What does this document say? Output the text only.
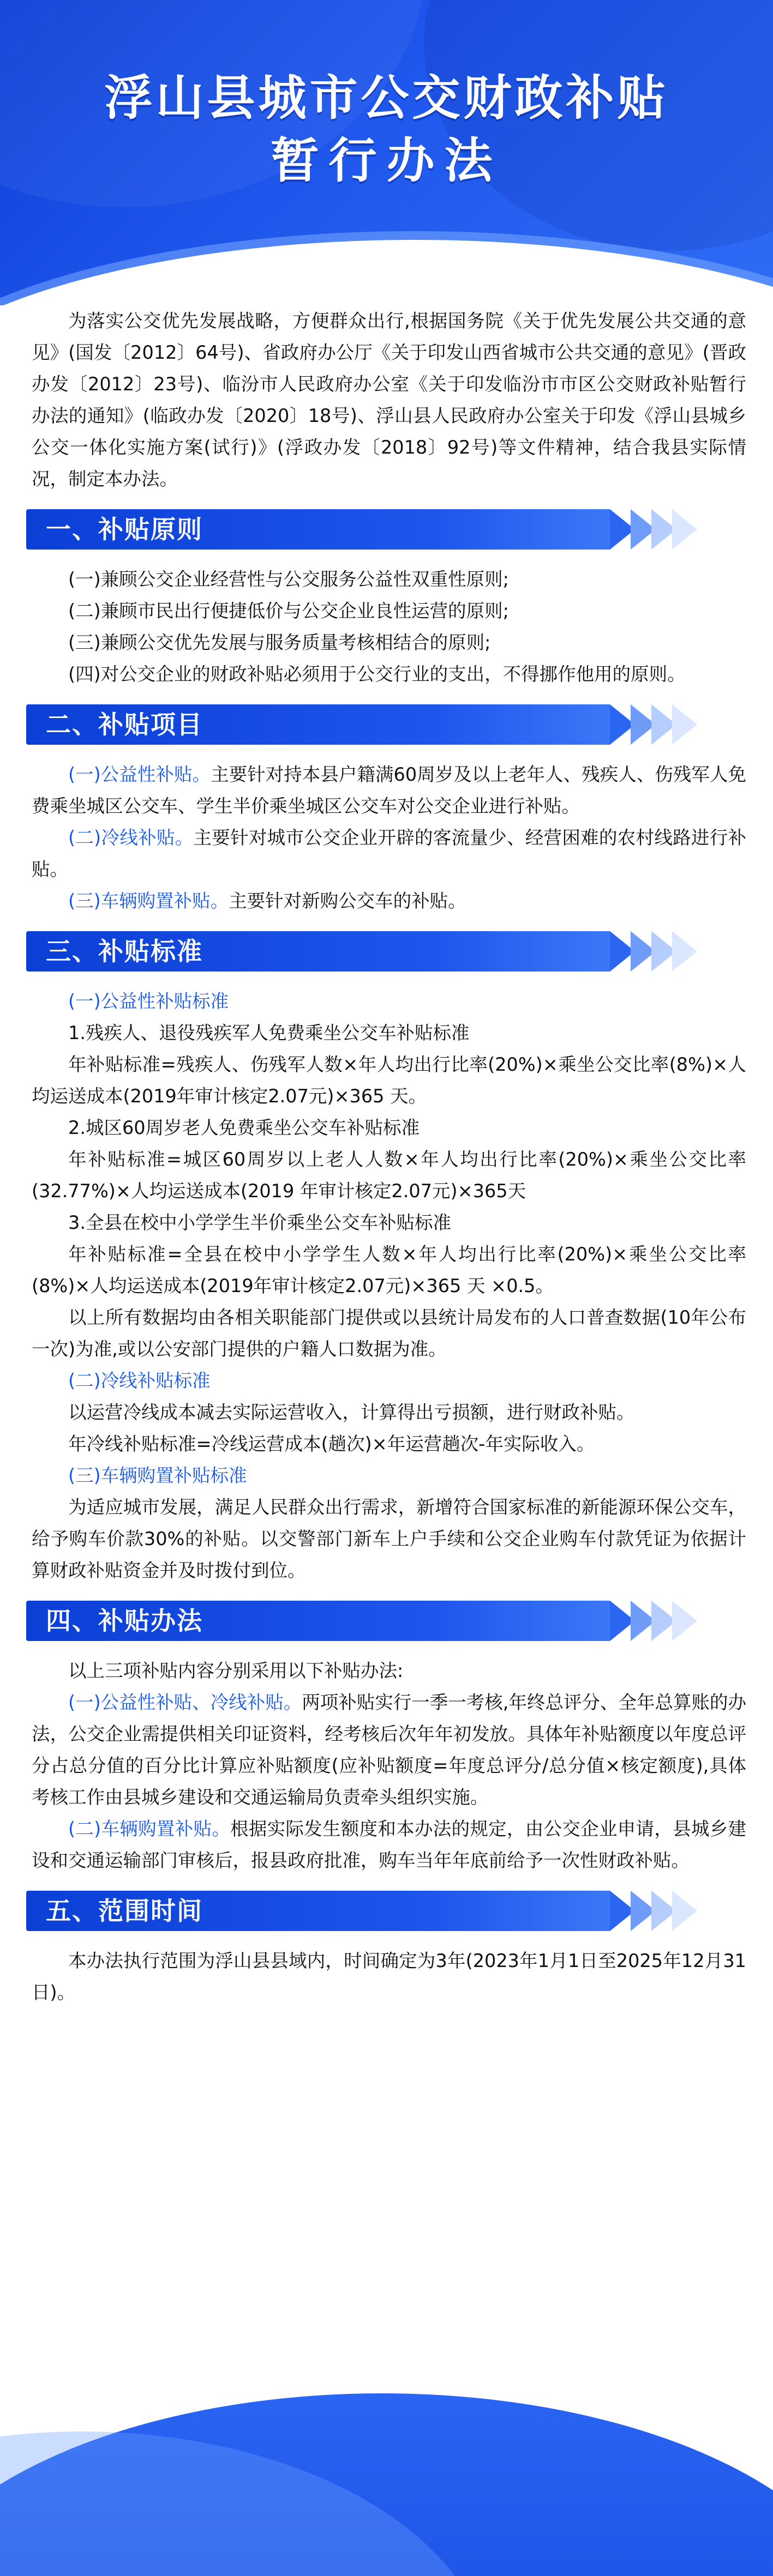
浮山县城市公交财政补贴
暂行办法

为落实公交优先发展战略，方便群众出行,根据国务院《关于优先发展公共交通的意见》(国发〔2012〕64号)、省政府办公厅《关于印发山西省城市公共交通的意见》(晋政办发〔2012〕23号)、临汾市人民政府办公室《关于印发临汾市市区公交财政补贴暂行办法的通知》(临政办发〔2020〕18号)、浮山县人民政府办公室关于印发《浮山县城乡公交一体化实施方案(试行)》(浮政办发〔2018〕92号)等文件精神，结合我县实际情况，制定本办法。

一、补贴原则

(一)兼顾公交企业经营性与公交服务公益性双重性原则;

(二)兼顾市民出行便捷低价与公交企业良性运营的原则;

(三)兼顾公交优先发展与服务质量考核相结合的原则;

(四)对公交企业的财政补贴必须用于公交行业的支出，不得挪作他用的原则。

二、补贴项目

(一)公益性补贴。主要针对持本县户籍满60周岁及以上老年人、残疾人、伤残军人免费乘坐城区公交车、学生半价乘坐城区公交车对公交企业进行补贴。

(二)冷线补贴。主要针对城市公交企业开辟的客流量少、经营困难的农村线路进行补贴。

(三)车辆购置补贴。主要针对新购公交车的补贴。

三、补贴标准

(一)公益性补贴标准

1.残疾人、退役残疾军人免费乘坐公交车补贴标准

年补贴标准=残疾人、伤残军人数×年人均出行比率(20%)×乘坐公交比率(8%)×人均运送成本(2019年审计核定2.07元)×365 天。

2.城区60周岁老人免费乘坐公交车补贴标准

年补贴标准=城区60周岁以上老人人数×年人均出行比率(20%)×乘坐公交比率(32.77%)×人均运送成本(2019 年审计核定2.07元)×365天

3.全县在校中小学学生半价乘坐公交车补贴标准

年补贴标准=全县在校中小学学生人数×年人均出行比率(20%)×乘坐公交比率(8%)×人均运送成本(2019年审计核定2.07元)×365 天 ×0.5。

以上所有数据均由各相关职能部门提供或以县统计局发布的人口普查数据(10年公布一次)为准,或以公安部门提供的户籍人口数据为准。

(二)冷线补贴标准

以运营冷线成本减去实际运营收入，计算得出亏损额，进行财政补贴。

年冷线补贴标准=冷线运营成本(趟次)×年运营趟次-年实际收入。

(三)车辆购置补贴标准

为适应城市发展，满足人民群众出行需求，新增符合国家标准的新能源环保公交车，给予购车价款30%的补贴。以交警部门新车上户手续和公交企业购车付款凭证为依据计算财政补贴资金并及时拨付到位。

四、补贴办法

以上三项补贴内容分别采用以下补贴办法:

(一)公益性补贴、冷线补贴。两项补贴实行一季一考核,年终总评分、全年总算账的办法，公交企业需提供相关印证资料，经考核后次年年初发放。具体年补贴额度以年度总评分占总分值的百分比计算应补贴额度(应补贴额度=年度总评分/总分值×核定额度),具体考核工作由县城乡建设和交通运输局负责牵头组织实施。

(二)车辆购置补贴。根据实际发生额度和本办法的规定，由公交企业申请，县城乡建设和交通运输部门审核后，报县政府批准，购车当年年底前给予一次性财政补贴。

五、范围时间

本办法执行范围为浮山县县域内，时间确定为3年(2023年1月1日至2025年12月31日)。
